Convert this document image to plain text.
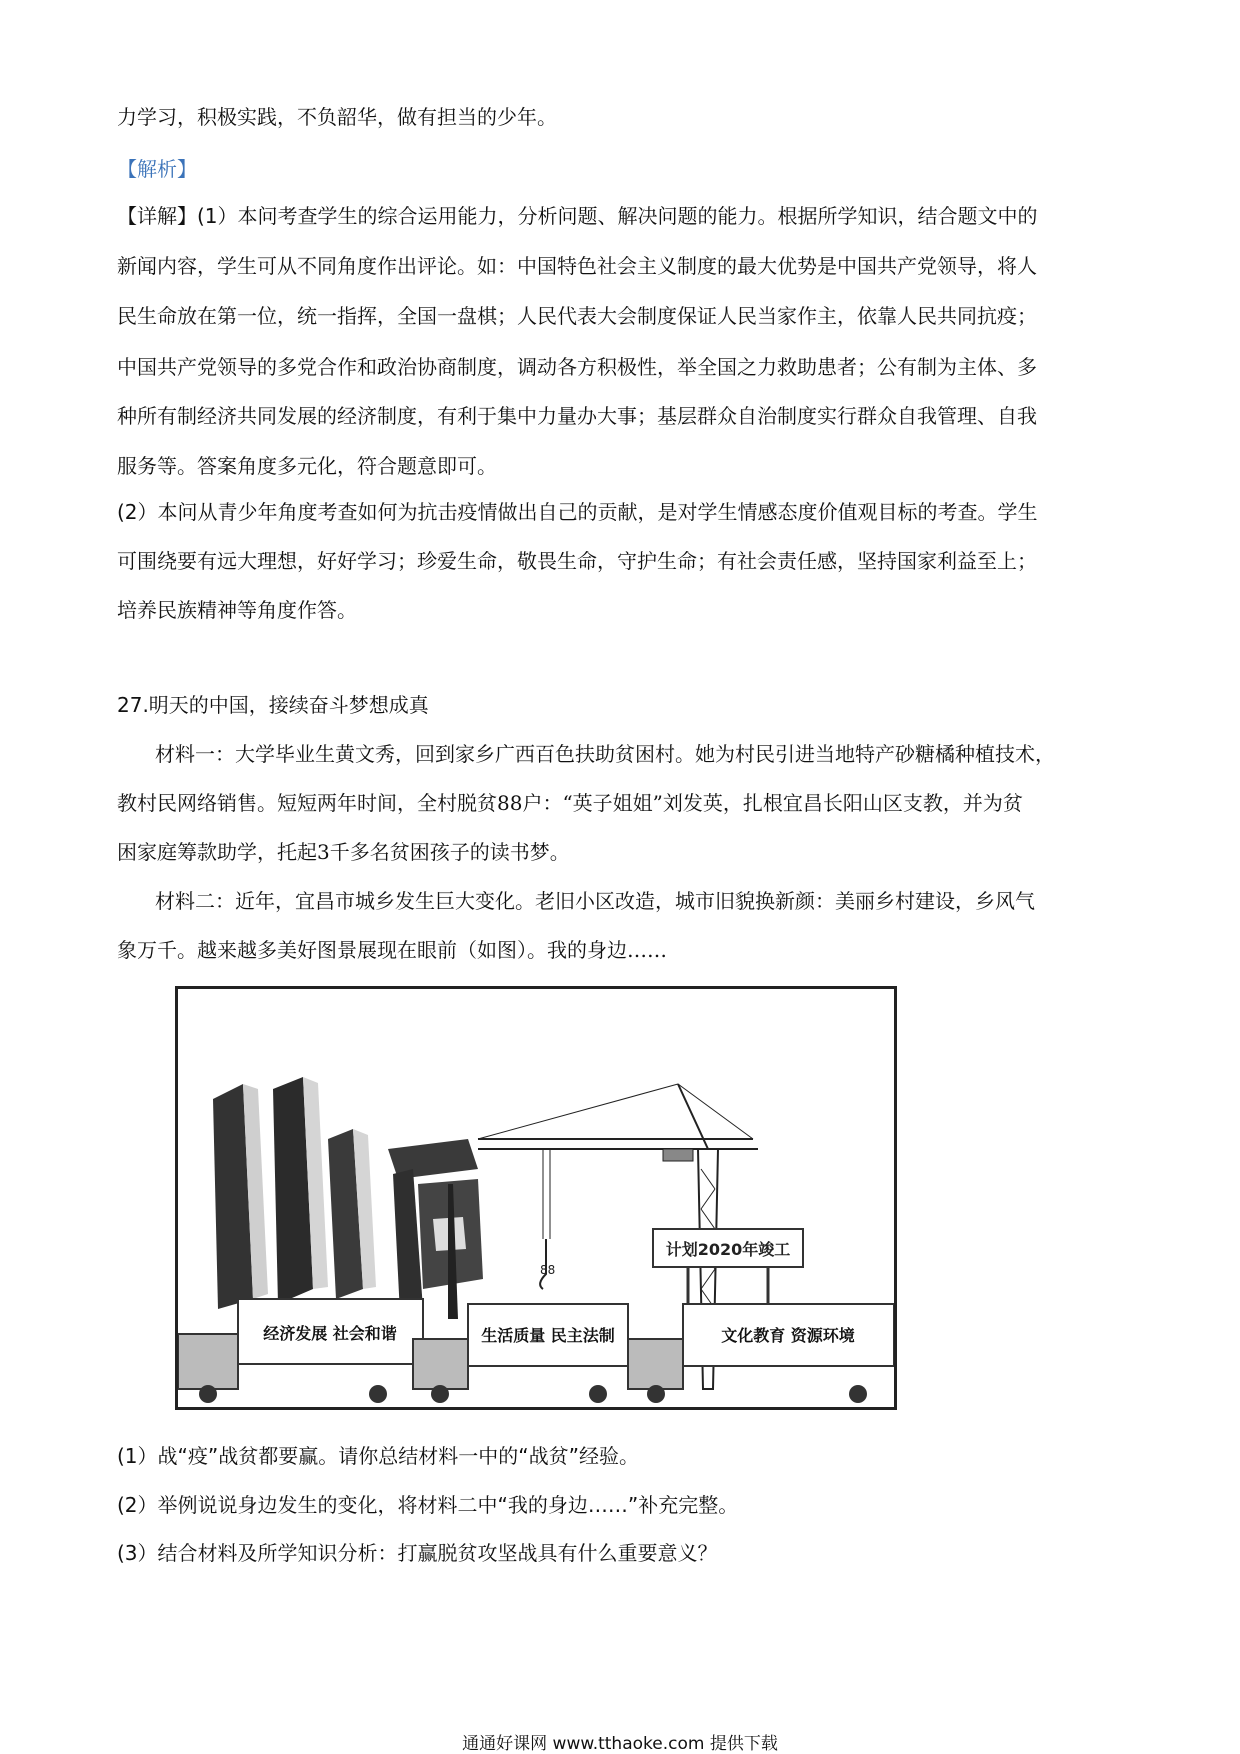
力学习，积极实践，不负韶华，做有担当的少年。
【解析】
【详解】(1）本问考查学生的综合运用能力，分析问题、解决问题的能力。根据所学知识，结合题文中的
新闻内容，学生可从不同角度作出评论。如：中国特色社会主义制度的最大优势是中国共产党领导，将人
民生命放在第一位，统一指挥，全国一盘棋；人民代表大会制度保证人民当家作主，依靠人民共同抗疫；
中国共产党领导的多党合作和政治协商制度，调动各方积极性，举全国之力救助患者；公有制为主体、多
种所有制经济共同发展的经济制度，有利于集中力量办大事；基层群众自治制度实行群众自我管理、自我
服务等。答案角度多元化，符合题意即可。
(2）本问从青少年角度考查如何为抗击疫情做出自己的贡献，是对学生情感态度价值观目标的考查。学生
可围绕要有远大理想，好好学习；珍爱生命，敬畏生命，守护生命；有社会责任感，坚持国家利益至上；
培养民族精神等角度作答。
27.明天的中国，接续奋斗梦想成真
材料一：大学毕业生黄文秀，回到家乡广西百色扶助贫困村。她为村民引进当地特产砂糖橘种植技术，
教村民网络销售。短短两年时间，全村脱贫88户：“英子姐姐”刘发英，扎根宜昌长阳山区支教，并为贫
困家庭筹款助学，托起3千多名贫困孩子的读书梦。
材料二：近年，宜昌市城乡发生巨大变化。老旧小区改造，城市旧貌换新颜：美丽乡村建设，乡风气
象万千。越来越多美好图景展现在眼前（如图）。我的身边……
88
小	康
计划2020年竣工
经济发展 社会和谐	生活质量 民主法制	文化教育 资源环境
(1）战“疫”战贫都要赢。请你总结材料一中的“战贫”经验。
(2）举例说说身边发生的变化，将材料二中“我的身边……”补充完整。
(3）结合材料及所学知识分析：打赢脱贫攻坚战具有什么重要意义？
通通好课网 www.tthaoke.com 提供下载
